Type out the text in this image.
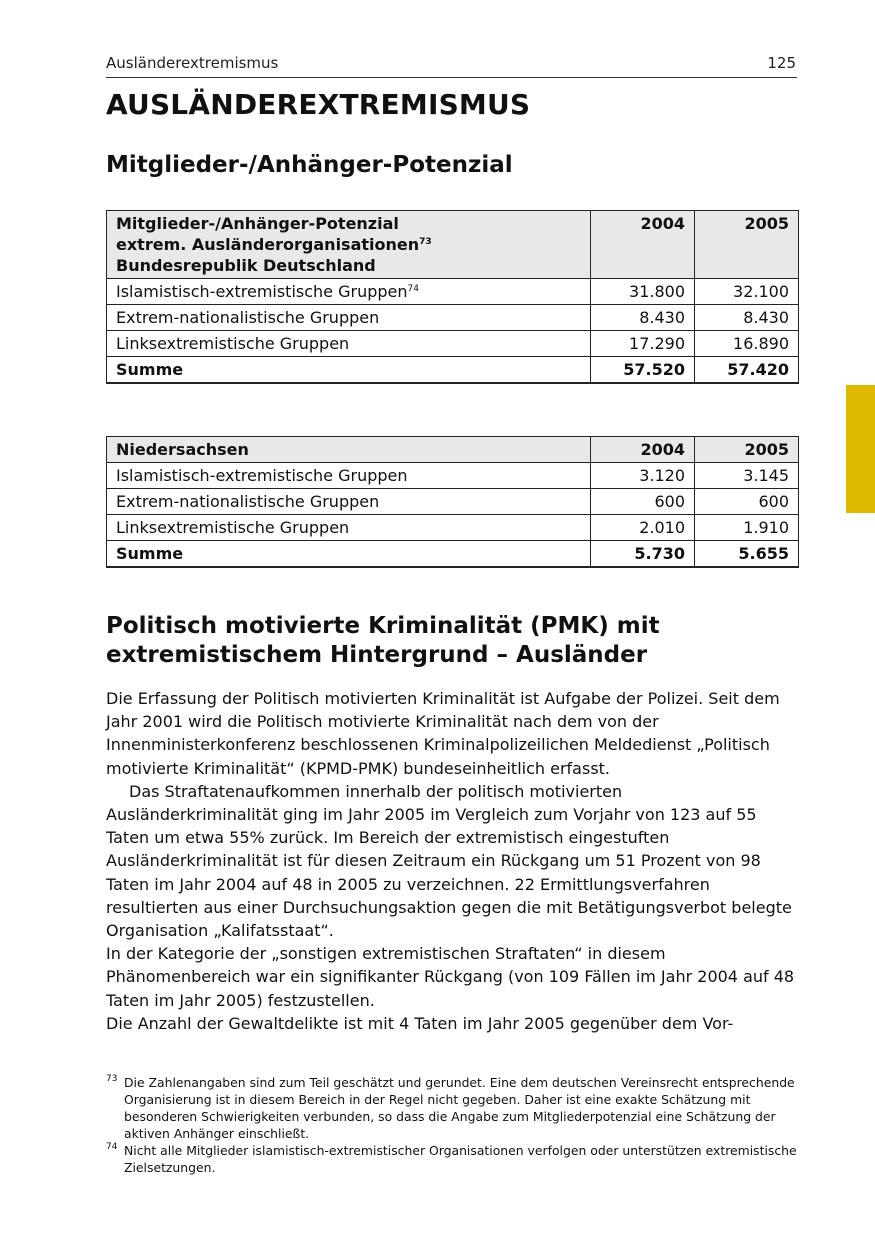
Ausländerextremismus	125
AUSLÄNDEREXTREMISMUS
Mitglieder-/Anhänger-Potenzial
Mitglieder-/Anhänger-Potenzial
extrem. Ausländerorganisationen$^{73}$
Bundesrepublik Deutschland	2004	2005
Islamistisch-extremistische Gruppen$^{74}$	31.800	32.100
Extrem-nationalistische Gruppen	8.430	8.430
Linksextremistische Gruppen	17.290	16.890
Summe	57.520	57.420
Niedersachsen	2004	2005
Islamistisch-extremistische Gruppen	3.120	3.145
Extrem-nationalistische Gruppen	600	600
Linksextremistische Gruppen	2.010	1.910
Summe	5.730	5.655
Politisch motivierte Kriminalität (PMK) mit
extremistischem Hintergrund – Ausländer

Die Erfassung der Politisch motivierten Kriminalität ist Aufgabe der Polizei. Seit dem Jahr 2001 wird die Politisch motivierte Kriminalität nach dem von der Innenministerkonferenz beschlossenen Kriminalpolizeilichen Meldedienst „Politisch motivierte Kriminalität“ (KPMD-PMK) bundeseinheitlich erfasst.

Das Straftatenaufkommen innerhalb der politisch motivierten Ausländerkriminalität ging im Jahr 2005 im Vergleich zum Vorjahr von 123 auf 55 Taten um etwa 55% zurück. Im Bereich der extremistisch eingestuften Ausländerkriminalität ist für diesen Zeitraum ein Rückgang um 51 Prozent von 98 Taten im Jahr 2004 auf 48 in 2005 zu verzeichnen. 22 Ermittlungsverfahren resultierten aus einer Durchsuchungsaktion gegen die mit Betätigungsverbot belegte Organisation „Kalifatsstaat“.

In der Kategorie der „sonstigen extremistischen Straftaten“ in diesem Phänomenbereich war ein signifikanter Rückgang (von 109 Fällen im Jahr 2004 auf 48 Taten im Jahr 2005) festzustellen.

Die Anzahl der Gewaltdelikte ist mit 4 Taten im Jahr 2005 gegenüber dem Vor-

73 Die Zahlenangaben sind zum Teil geschätzt und gerundet. Eine dem deutschen Vereinsrecht entsprechende Organisierung ist in diesem Bereich in der Regel nicht gegeben. Daher ist eine exakte Schätzung mit besonderen Schwierigkeiten verbunden, so dass die Angabe zum Mitgliederpotenzial eine Schätzung der aktiven Anhänger einschließt.

74 Nicht alle Mitglieder islamistisch-extremistischer Organisationen verfolgen oder unterstützen extremistische Zielsetzungen.
